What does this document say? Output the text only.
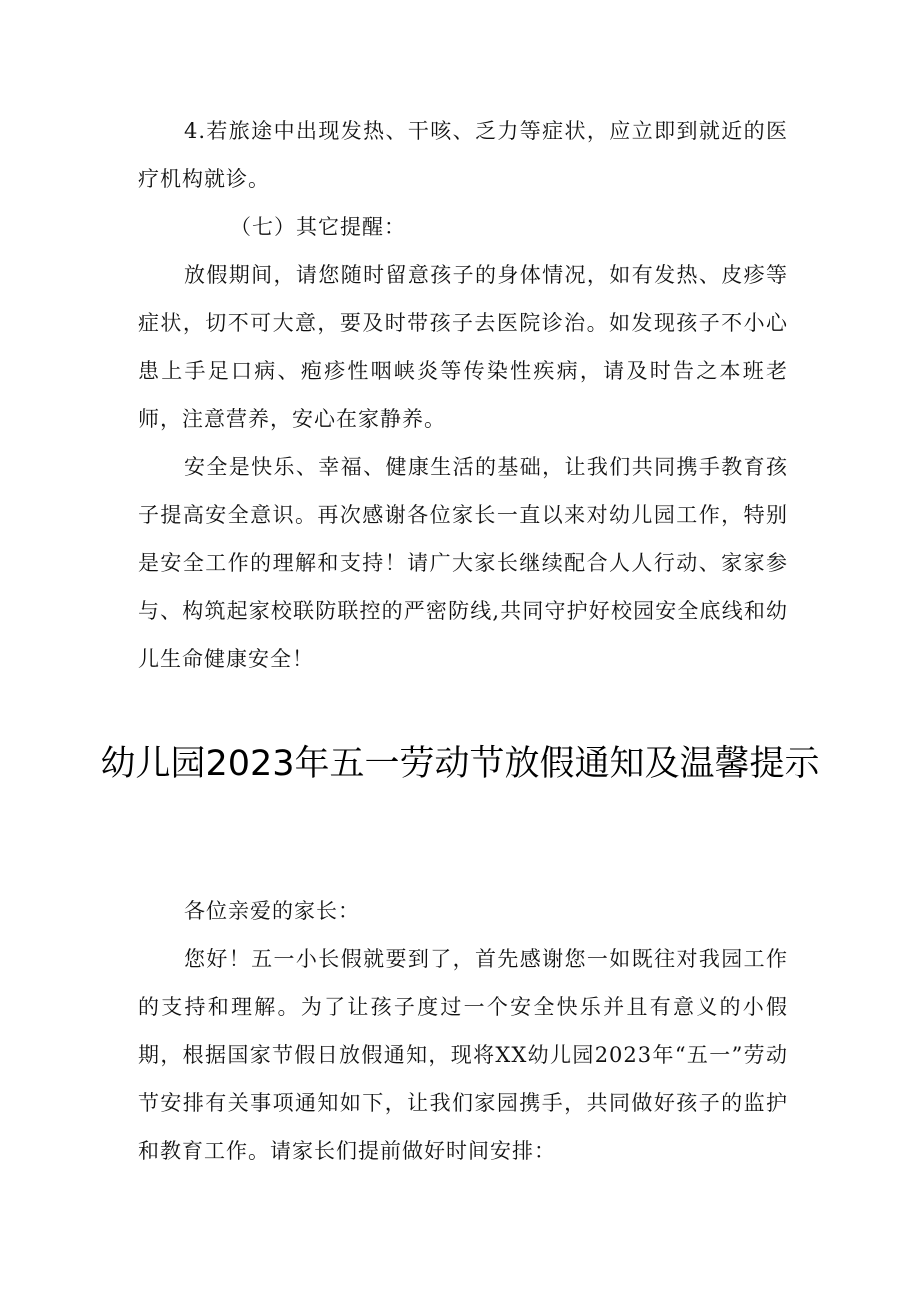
4.若旅途中出现发热、干咳、乏力等症状，应立即到就近的医疗机构就诊。

（七）其它提醒：

放假期间，请您随时留意孩子的身体情况，如有发热、皮疹等症状，切不可大意，要及时带孩子去医院诊治。如发现孩子不小心患上手足口病、疱疹性咽峡炎等传染性疾病，请及时告之本班老师，注意营养，安心在家静养。

安全是快乐、幸福、健康生活的基础，让我们共同携手教育孩子提高安全意识。再次感谢各位家长一直以来对幼儿园工作，特别是安全工作的理解和支持！请广大家长继续配合人人行动、家家参与、构筑起家校联防联控的严密防线,共同守护好校园安全底线和幼儿生命健康安全！

幼儿园2023年五一劳动节放假通知及温馨提示

各位亲爱的家长：

您好！五一小长假就要到了，首先感谢您一如既往对我园工作的支持和理解。为了让孩子度过一个安全快乐并且有意义的小假期，根据国家节假日放假通知，现将XX幼儿园2023年“五一”劳动节安排有关事项通知如下，让我们家园携手，共同做好孩子的监护和教育工作。请家长们提前做好时间安排：
